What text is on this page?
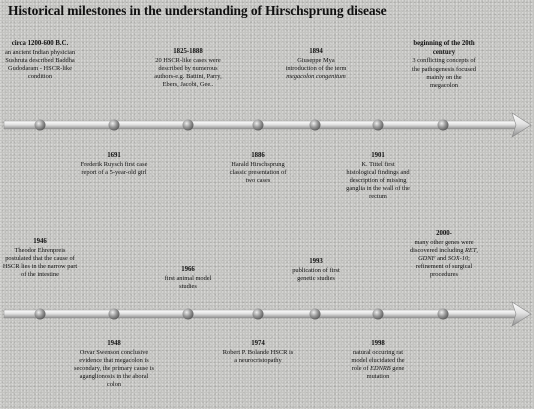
Historical milestones in the understanding of Hirschsprung disease
circa 1200-600 B.C.
an ancient Indian physician Sushruta described Baddha Gudodaram - HSCR-like condition
1825-1888
20 HSCR-like cases were described by numerous authors-e.g. Battini, Parry, Ebers, Jacobi, Gee..
1894
Giuseppe Mya introduction of the term
megacolon congenitum
beginning of the 20th century
3 conflicting concepts of the pathogenesis focused mainly on the megacolon
1691
Frederik Ruysch first case report of a 5-year-old girl
1886
Harald Hirschsprung classic presentation of two cases
1901
K. Tittel first histological findings and description of missing ganglia in the wall of the rectum
1946
Theodor Ehrenpreis postulated that the cause of HSCR lies in the narrow part of the intestine
1966
first animal model studies
1993
publication of first genetic studies
2000-
many other genes were discovered including RET, GDNF and SOX-10; refinement of surgical procedures
1948
Orvar Swenson conclusive evidence that megacolon is secondary, the primary cause is aganglionosis in the aboral colon
1974
Robert P. Bolande HSCR is a neurocristopathy
1998
natural occuring rat model elucidated the role of EDNRB gene mutation
